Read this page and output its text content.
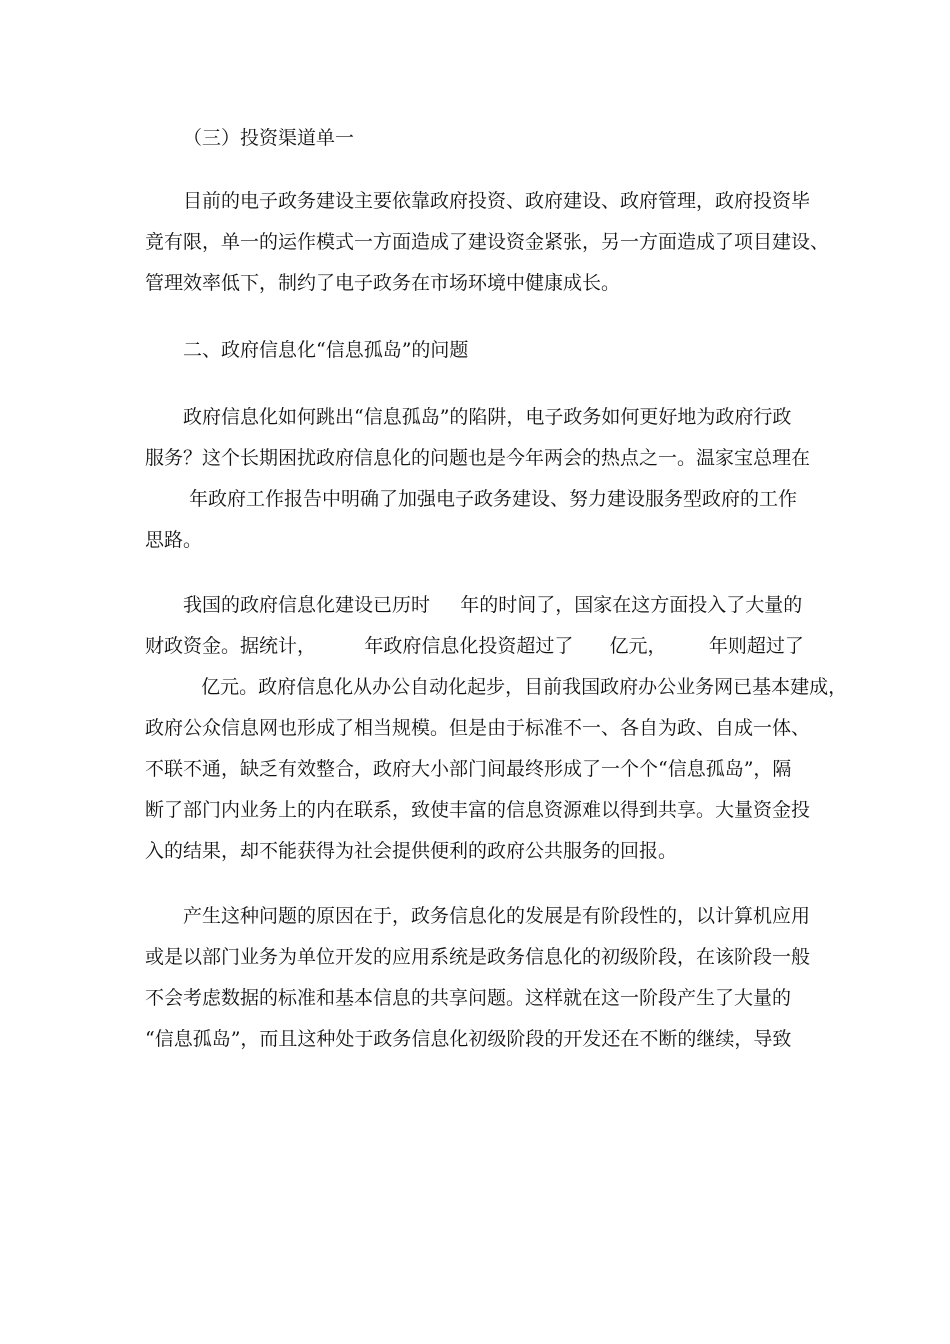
（三）投资渠道单一

目前的电子政务建设主要依靠政府投资、政府建设、政府管理，政府投资毕
竟有限，单一的运作模式一方面造成了建设资金紧张，另一方面造成了项目建设、
管理效率低下，制约了电子政务在市场环境中健康成长。

二、政府信息化“信息孤岛”的问题

政府信息化如何跳出“信息孤岛”的陷阱，电子政务如何更好地为政府行政
服务？这个长期困扰政府信息化的问题也是今年两会的热点之一。温家宝总理在
年政府工作报告中明确了加强电子政务建设、努力建设服务型政府的工作
思路。

我国的政府信息化建设已历时     年的时间了，国家在这方面投入了大量的
财政资金。据统计，        年政府信息化投资超过了      亿元，       年则超过了
亿元。政府信息化从办公自动化起步，目前我国政府办公业务网已基本建成，
政府公众信息网也形成了相当规模。但是由于标准不一、各自为政、自成一体、
不联不通，缺乏有效整合，政府大小部门间最终形成了一个个“信息孤岛”，隔
断了部门内业务上的内在联系，致使丰富的信息资源难以得到共享。大量资金投
入的结果，却不能获得为社会提供便利的政府公共服务的回报。

产生这种问题的原因在于，政务信息化的发展是有阶段性的，以计算机应用
或是以部门业务为单位开发的应用系统是政务信息化的初级阶段，在该阶段一般
不会考虑数据的标准和基本信息的共享问题。这样就在这一阶段产生了大量的
“信息孤岛”，而且这种处于政务信息化初级阶段的开发还在不断的继续，导致
